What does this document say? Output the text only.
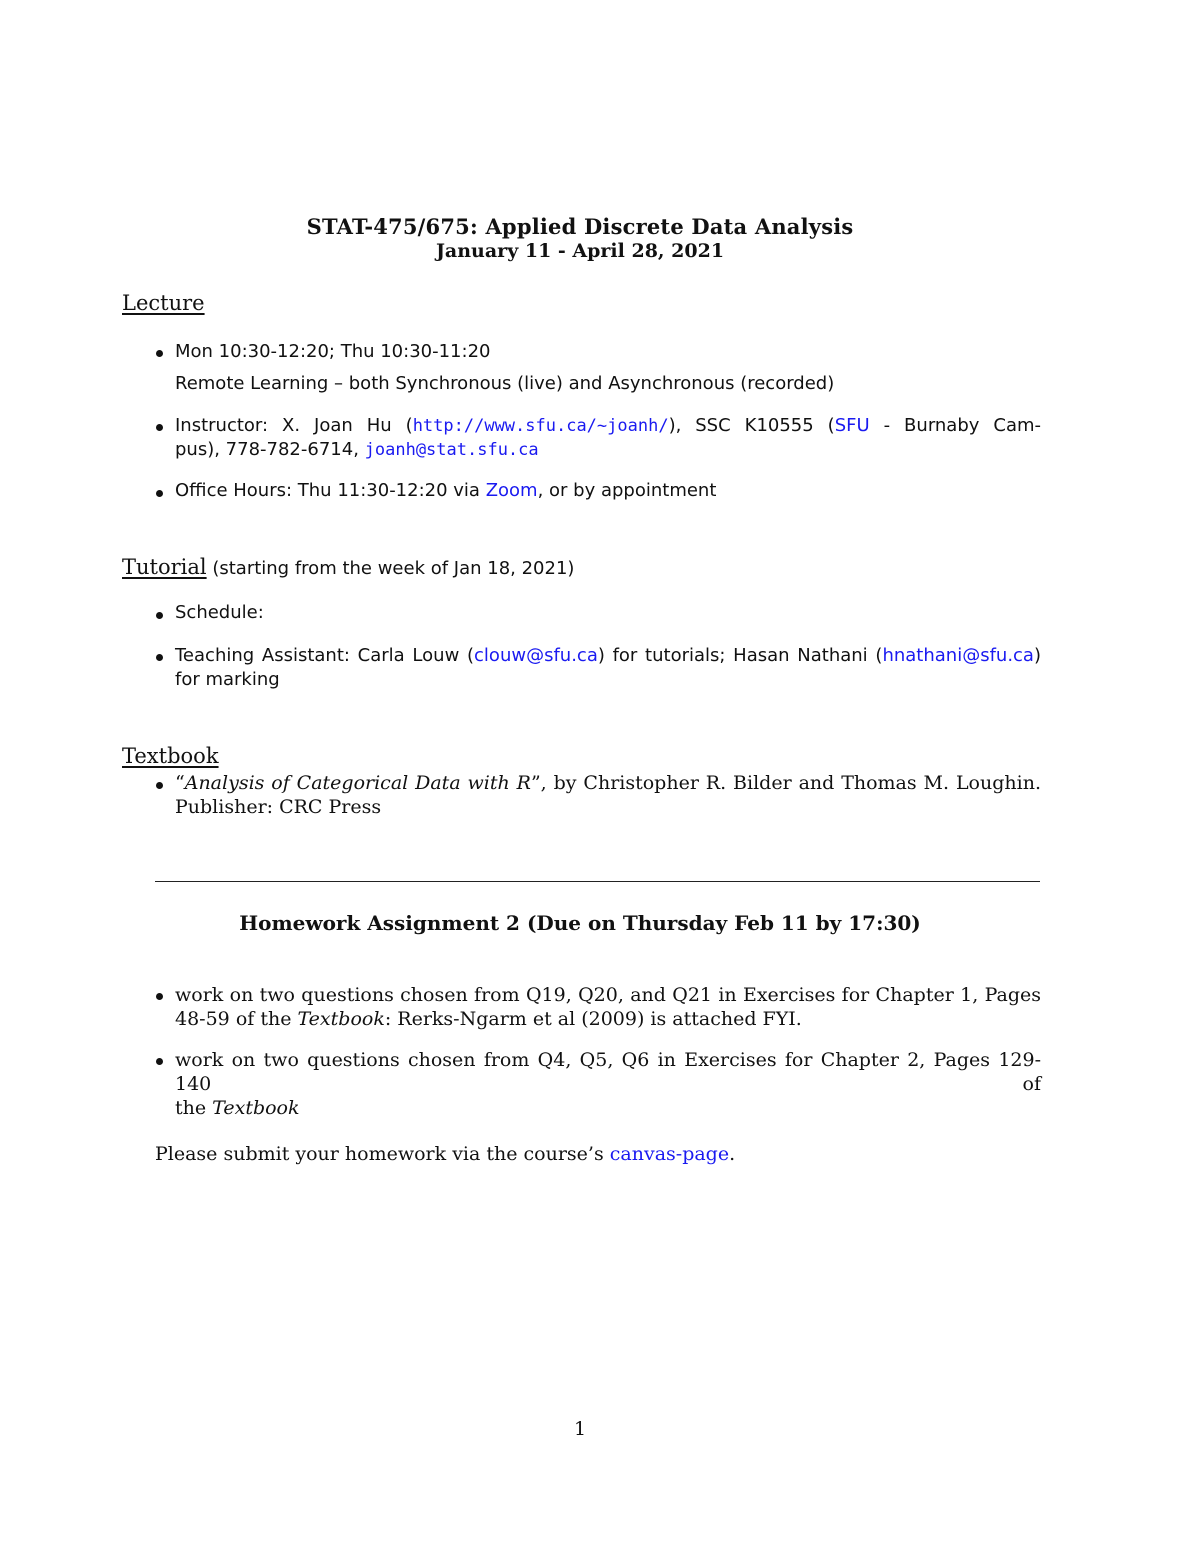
STAT-475/675: Applied Discrete Data Analysis
January 11 - April 28, 2021
Lecture
Mon 10:30-12:20; Thu 10:30-11:20
Remote Learning – both Synchronous (live) and Asynchronous (recorded)
Instructor: X. Joan Hu (http://www.sfu.ca/~joanh/), SSC K10555 (SFU - Burnaby Cam-
pus), 778-782-6714, joanh@stat.sfu.ca
Office Hours: Thu 11:30-12:20 via Zoom, or by appointment
Tutorial (starting from the week of Jan 18, 2021)
Schedule:
Teaching Assistant: Carla Louw (clouw@sfu.ca) for tutorials; Hasan Nathani (hnathani@sfu.ca)
for marking
Textbook
“Analysis of Categorical Data with R”, by Christopher R. Bilder and Thomas M. Loughin.
Publisher: CRC Press
Homework Assignment 2 (Due on Thursday Feb 11 by 17:30)
work on two questions chosen from Q19, Q20, and Q21 in Exercises for Chapter 1, Pages
48-59 of the Textbook: Rerks-Ngarm et al (2009) is attached FYI.
work on two questions chosen from Q4, Q5, Q6 in Exercises for Chapter 2, Pages 129-140 of
the Textbook
Please submit your homework via the course’s canvas-page.
1
